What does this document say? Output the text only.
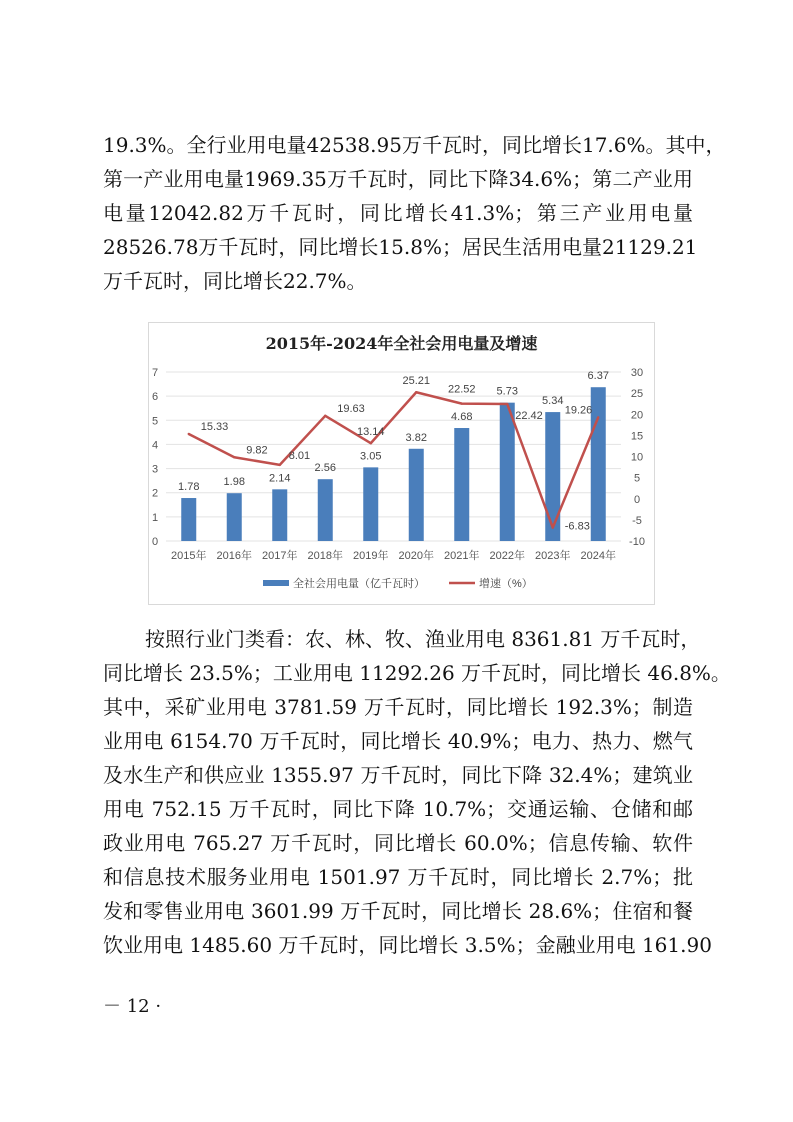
19.3%。全行业用电量42538.95万千瓦时，同比增长17.6%。其中，
第一产业用电量1969.35万千瓦时，同比下降34.6%；第二产业用
电量12042.82万千瓦时，同比增长41.3%；第三产业用电量
28526.78万千瓦时，同比增长15.8%；居民生活用电量21129.21
万千瓦时，同比增长22.7%。
2015年-2024年全社会用电量及增速
0
1
2
3
4
5
6
7
-10
-5
0
5
10
15
20
25
30
2015年
1.78
2016年
1.98
2017年
2.14
2018年
2.56
2019年
3.05
2020年
3.82
2021年
4.68
2022年
5.73
2023年
5.34
2024年
6.37
15.33
9.82 8.01
19.63
13.14
25.21
22.52
22.42
-6.83
19.26
全社会用电量（亿千瓦时）	增速（%）
按照行业门类看：农、林、牧、渔业用电 8361.81 万千瓦时，
同比增长 23.5%；工业用电 11292.26 万千瓦时，同比增长 46.8%。
其中，采矿业用电 3781.59 万千瓦时，同比增长 192.3%；制造
业用电 6154.70 万千瓦时，同比增长 40.9%；电力、热力、燃气
及水生产和供应业 1355.97 万千瓦时，同比下降 32.4%；建筑业
用电 752.15 万千瓦时，同比下降 10.7%；交通运输、仓储和邮
政业用电 765.27 万千瓦时，同比增长 60.0%；信息传输、软件
和信息技术服务业用电 1501.97 万千瓦时，同比增长 2.7%；批
发和零售业用电 3601.99 万千瓦时，同比增长 28.6%；住宿和餐
饮业用电 1485.60 万千瓦时，同比增长 3.5%；金融业用电 161.90
－ 12 ·
